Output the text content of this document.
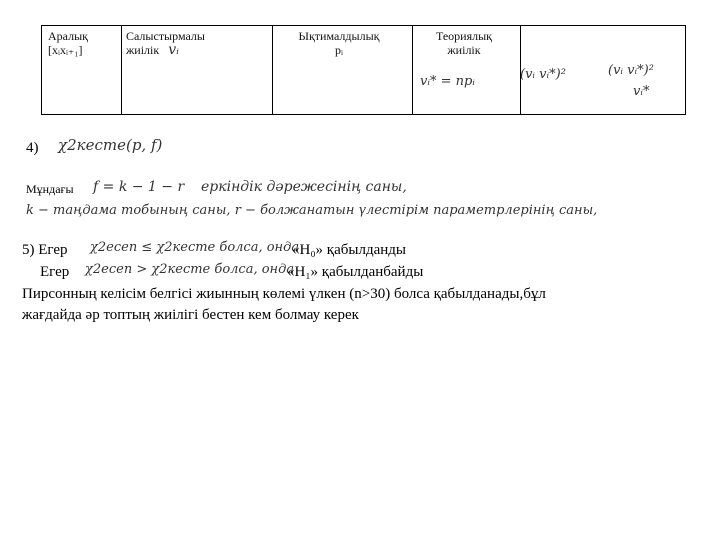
Аралық
[xᵢxᵢ₊₁]
Салыстырмалы
жиілік vᵢ
Ықтималдылық
pᵢ
Теориялық
жиілік
vᵢ* = npᵢ	(vᵢ vᵢ*)²	(vᵢ vᵢ*)²
vᵢ*
4) χ2кесте(p, f)
Мұндағы f = k − 1 − r еркіндік дәрежесінің саны,
k − таңдама тобының саны, r − болжанатын үлестірім параметрлерінің саны,
5) Егер χ2есеп ≤ χ2кесте болса, онда
«H₀» қабылданды
Егер χ2есеп > χ2кесте болса, онда
«H₁» қабылданбайды
Пирсонның келісім белгісі жиынның көлемі үлкен (n>30) болса қабылданады,бұл
жағдайда әр топтың жиілігі бестен кем болмау керек
